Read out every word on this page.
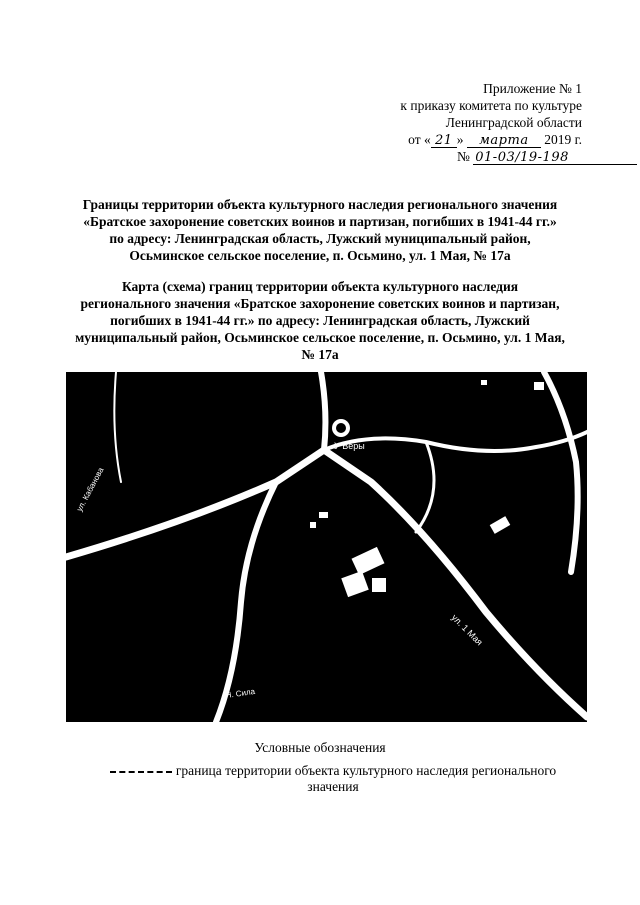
Приложение № 1
к приказу комитета по культуре
Ленинградской области
от « 21 » марта 2019 г.
№ 01-03/19-198
Границы территории объекта культурного наследия регионального значения
«Братское захоронение советских воинов и партизан, погибших в 1941-44 гг.»
по адресу: Ленинградская область, Лужский муниципальный район,
Осьминское сельское поселение, п. Осьмино, ул. 1 Мая, № 17а
Карта (схема) границ территории объекта культурного наследия
регионального значения «Братское захоронение советских воинов и партизан,
погибших в 1941-44 гг.» по адресу: Ленинградская область, Лужский
муниципальный район, Осьминское сельское поселение, п. Осьмино, ул. 1 Мая,
№ 17а
У Веры
ул. Кабанова
ул. 1 Мая
Н. Сила
Условные обозначения
граница территории объекта культурного наследия регионального
значения
